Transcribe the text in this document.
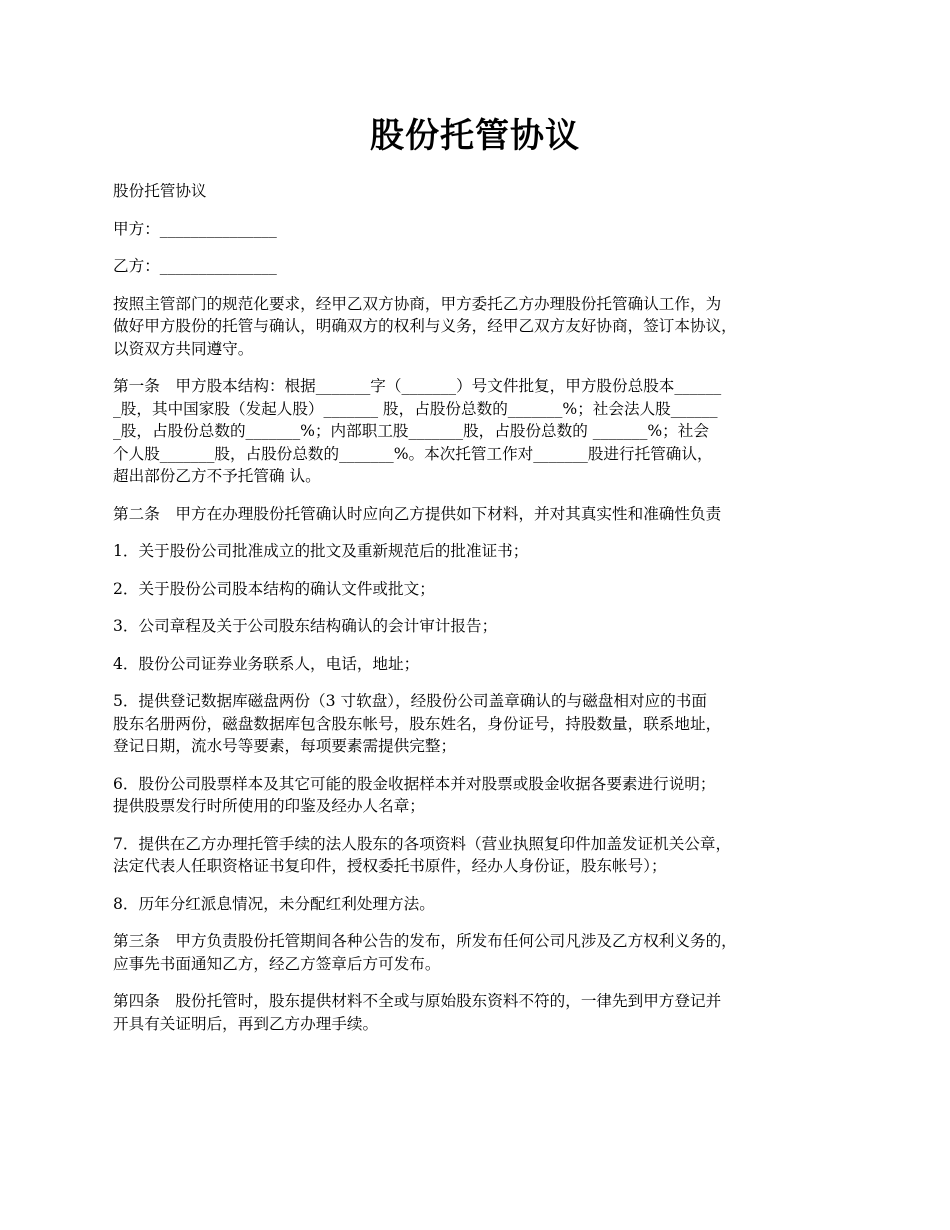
股份托管协议
股份托管协议
甲方：_______________
乙方：_______________
按照主管部门的规范化要求，经甲乙双方协商，甲方委托乙方办理股份托管确认工作，为
做好甲方股份的托管与确认，明确双方的权利与义务，经甲乙双方友好协商，签订本协议，
以资双方共同遵守。
第一条　甲方股本结构：根据_______字（_______）号文件批复，甲方股份总股本______
_股，其中国家股（发起人股）_______ 股，占股份总数的_______%；社会法人股______
_股，占股份总数的_______%；内部职工股_______股，占股份总数的 _______%；社会
个人股_______股，占股份总数的_______%。本次托管工作对_______股进行托管确认，
超出部份乙方不予托管确 认。
第二条　甲方在办理股份托管确认时应向乙方提供如下材料，并对其真实性和准确性负责
1．关于股份公司批准成立的批文及重新规范后的批准证书；
2．关于股份公司股本结构的确认文件或批文；
3．公司章程及关于公司股东结构确认的会计审计报告；
4．股份公司证券业务联系人，电话，地址；
5．提供登记数据库磁盘两份（3 寸软盘），经股份公司盖章确认的与磁盘相对应的书面
股东名册两份，磁盘数据库包含股东帐号，股东姓名，身份证号，持股数量，联系地址，
登记日期，流水号等要素，每项要素需提供完整；
6．股份公司股票样本及其它可能的股金收据样本并对股票或股金收据各要素进行说明；
提供股票发行时所使用的印鉴及经办人名章；
7．提供在乙方办理托管手续的法人股东的各项资料（营业执照复印件加盖发证机关公章，
法定代表人任职资格证书复印件，授权委托书原件，经办人身份证，股东帐号）；
8．历年分红派息情况，未分配红利处理方法。
第三条　甲方负责股份托管期间各种公告的发布，所发布任何公司凡涉及乙方权利义务的，
应事先书面通知乙方，经乙方签章后方可发布。
第四条　股份托管时，股东提供材料不全或与原始股东资料不符的，一律先到甲方登记并
开具有关证明后，再到乙方办理手续。
